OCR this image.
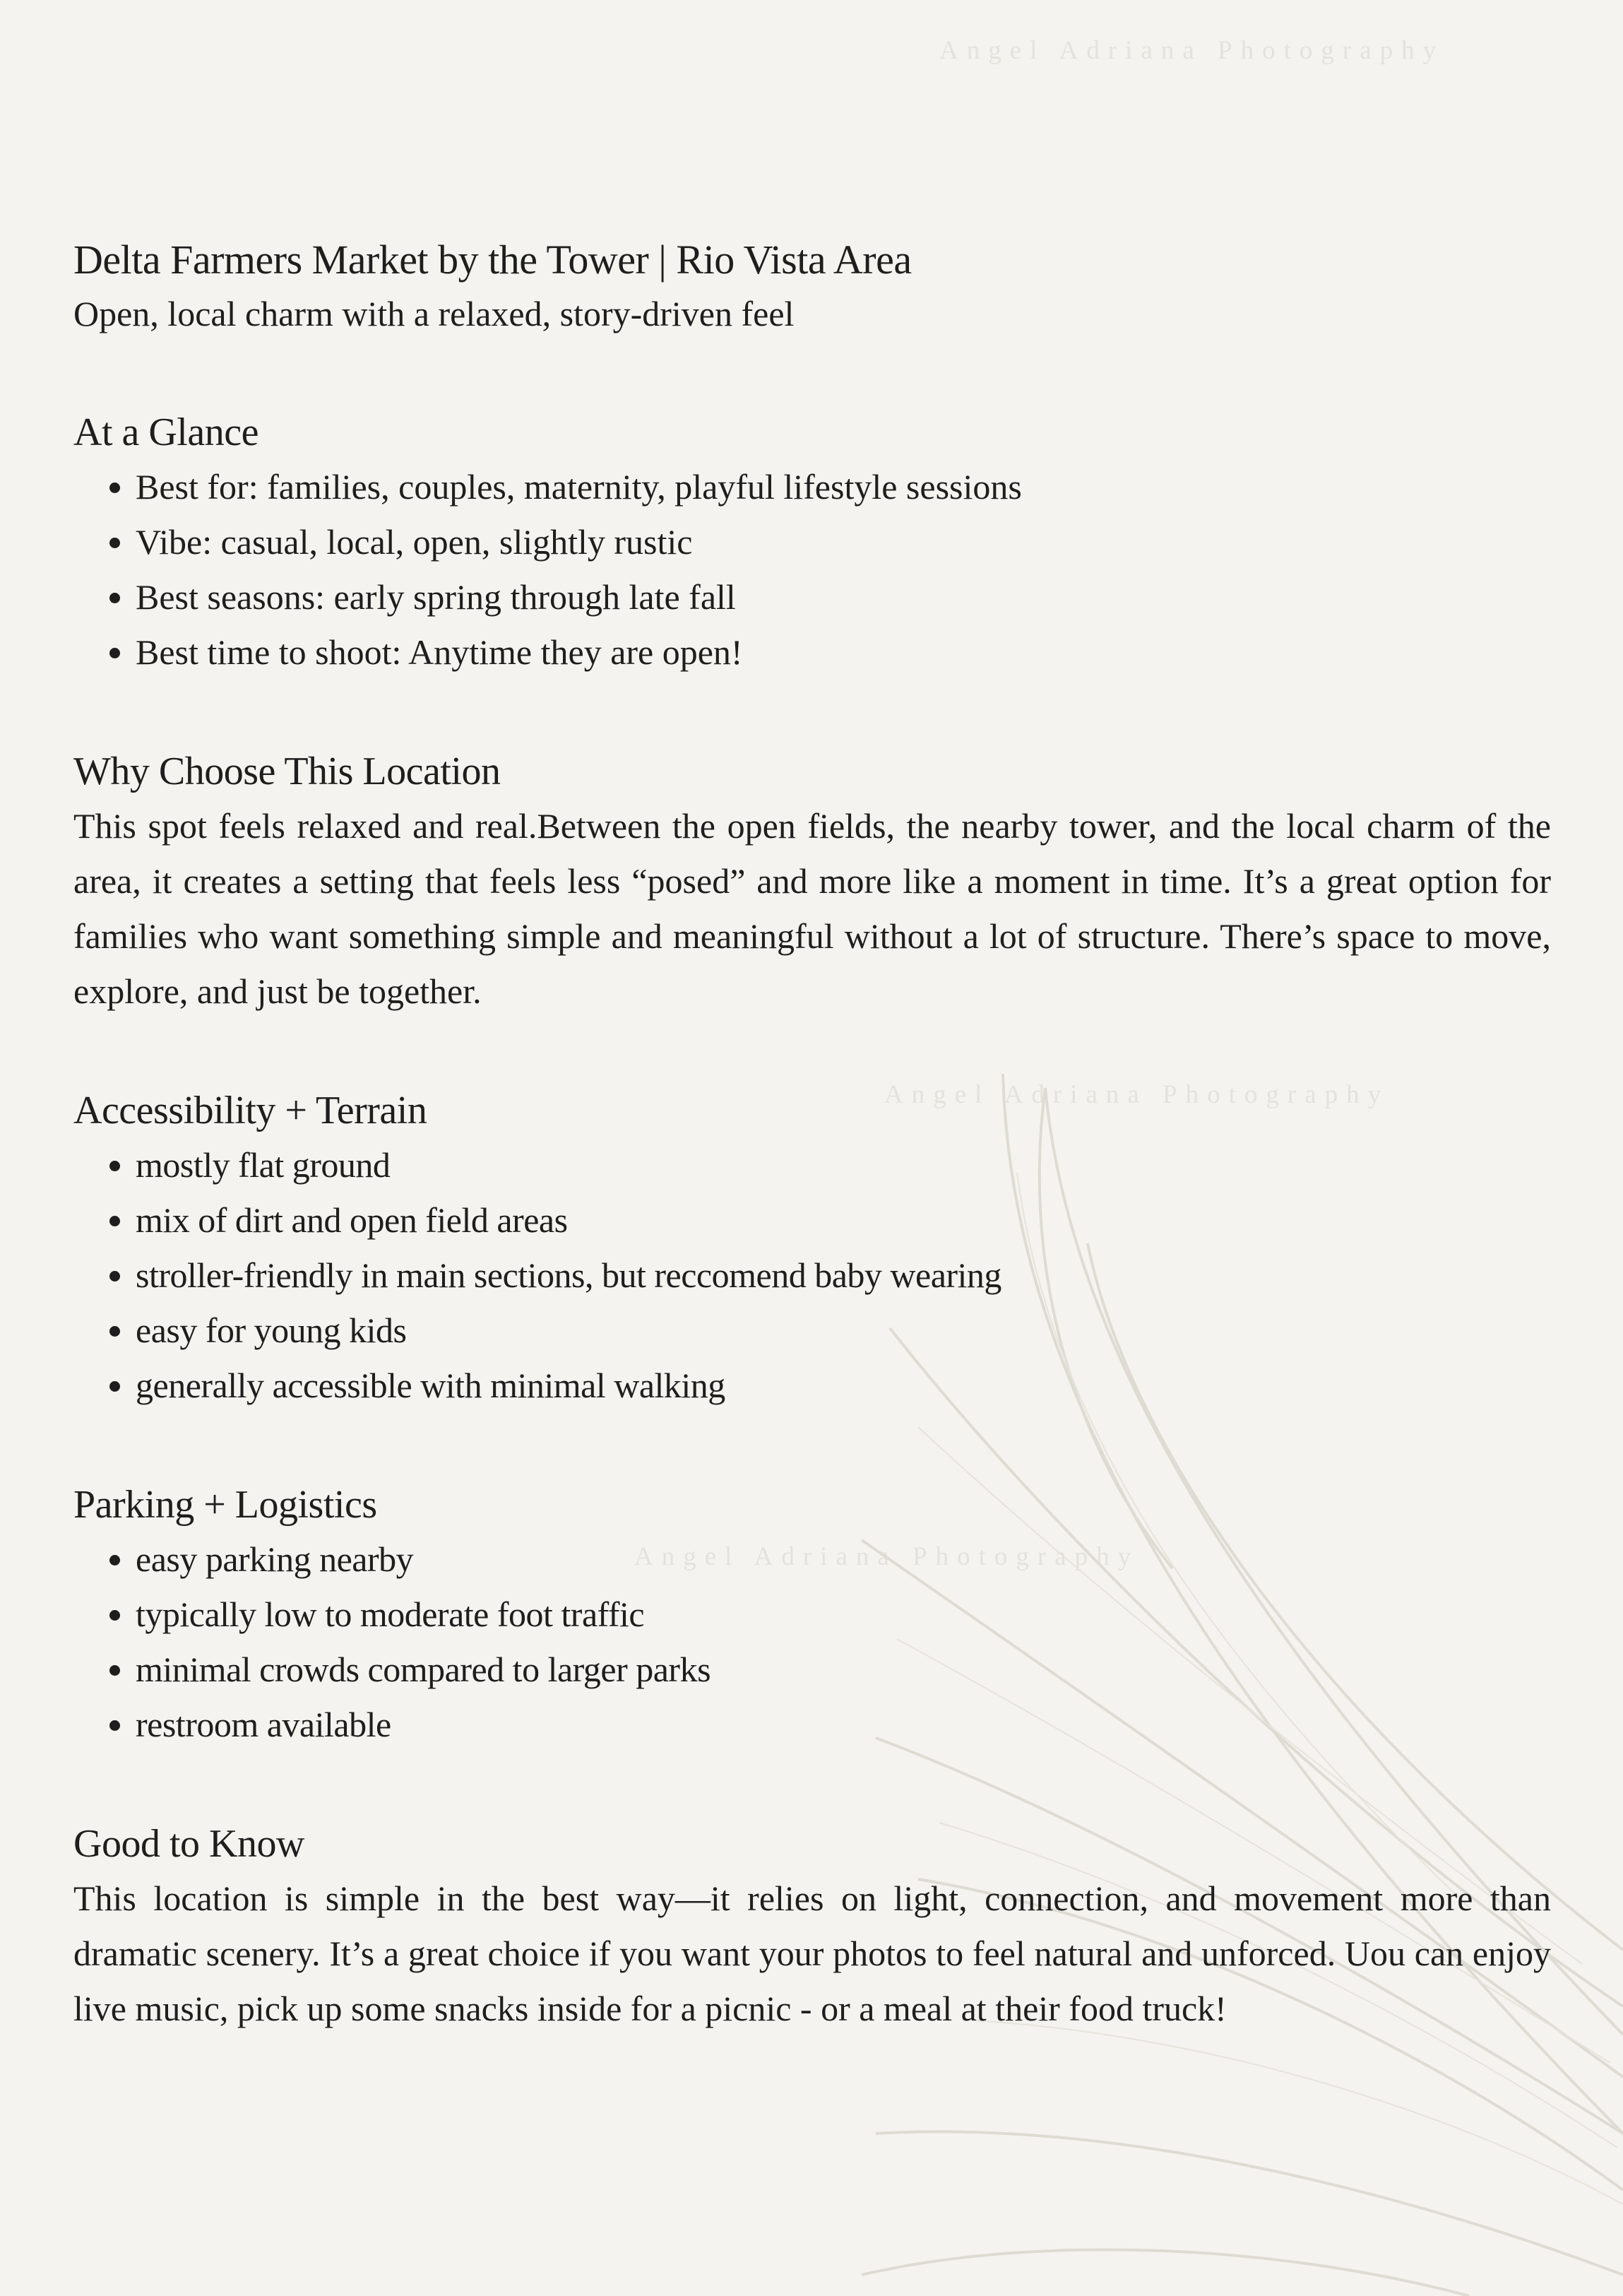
Angel Adriana Photography
Angel Adriana Photography
Angel Adriana Photography
Delta Farmers Market by the Tower | Rio Vista Area

Open, local charm with a relaxed, story-driven feel

At a Glance
• Best for: families, couples, maternity, playful lifestyle sessions
• Vibe: casual, local, open, slightly rustic
• Best seasons: early spring through late fall
• Best time to shoot: Anytime they are open!
Why Choose This Location

This spot feels relaxed and real.Between the open fields, the nearby tower, and the local charm of the area, it creates a setting that feels less “posed” and more like a moment in time. It’s a great option for families who want something simple and meaningful without a lot of structure. There’s space to move, explore, and just be together.

Accessibility + Terrain
• mostly flat ground
• mix of dirt and open field areas
• stroller-friendly in main sections, but reccomend baby wearing
• easy for young kids
• generally accessible with minimal walking
Parking + Logistics
• easy parking nearby
• typically low to moderate foot traffic
• minimal crowds compared to larger parks
• restroom available
Good to Know

This location is simple in the best way—it relies on light, connection, and movement more than dramatic scenery. It’s a great choice if you want your photos to feel natural and unforced. Uou can enjoy live music, pick up some snacks inside for a picnic - or a meal at their food truck!
